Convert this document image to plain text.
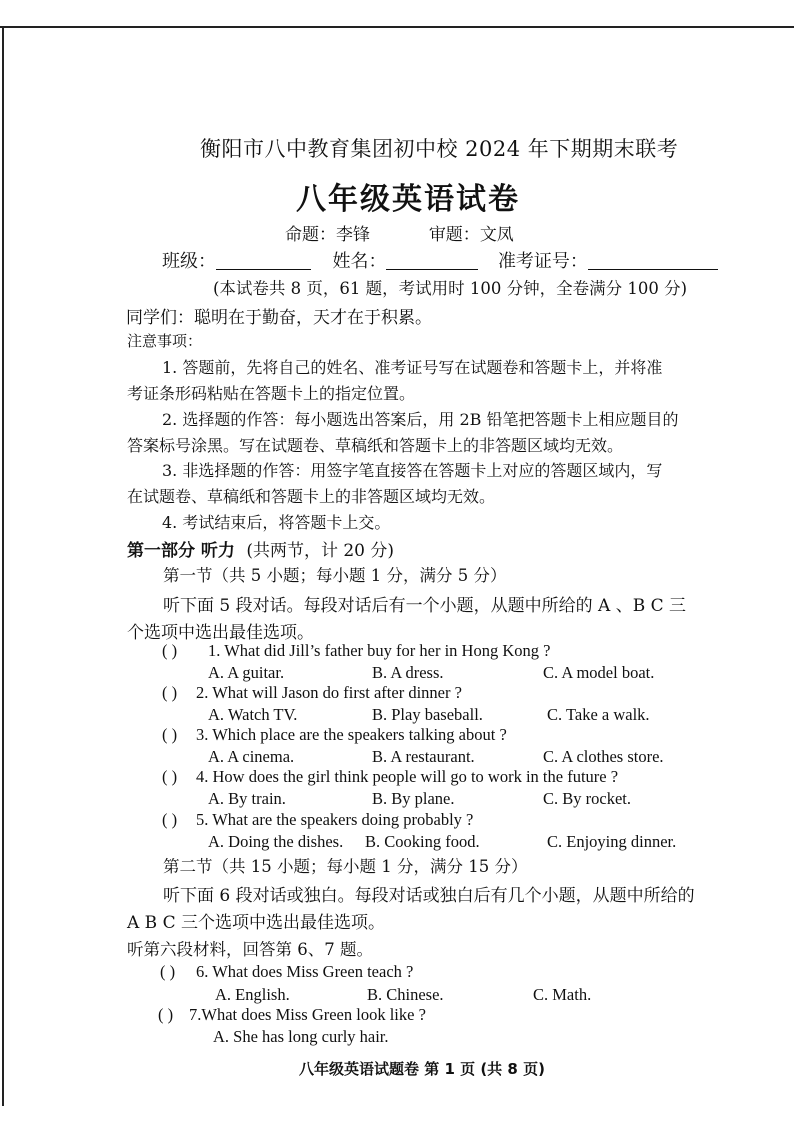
衡阳市八中教育集团初中校 2024 年下期期末联考
八年级英语试卷
命题：李锋	审题：文凤
班级：	姓名：	准考证号：
(本试卷共 8 页，61 题，考试用时 100 分钟，全卷满分 100 分)
同学们：聪明在于勤奋，天才在于积累。
注意事项：
1. 答题前，先将自己的姓名、准考证号写在试题卷和答题卡上，并将准
考证条形码粘贴在答题卡上的指定位置。
2. 选择题的作答：每小题选出答案后，用 2B 铅笔把答题卡上相应题目的
答案标号涂黑。写在试题卷、草稿纸和答题卡上的非答题区域均无效。
3. 非选择题的作答：用签字笔直接答在答题卡上对应的答题区域内，写
在试题卷、草稿纸和答题卡上的非答题区域均无效。
4. 考试结束后，将答题卡上交。
第一部分 听力 (共两节，计 20 分)
第一节（共 5 小题；每小题 1 分，满分 5 分）
听下面 5 段对话。每段对话后有一个小题，从题中所给的 A 、B C 三
个选项中选出最佳选项。
( ) 1. What did Jill’s father buy for her in Hong Kong ?
A. A guitar.	B. A dress.	C. A model boat.
( ) 2. What will Jason do first after dinner ?
A. Watch TV.	B. Play baseball.	C. Take a walk.
( ) 3. Which place are the speakers talking about ?
A. A cinema.	B. A restaurant.	C. A clothes store.
( ) 4. How does the girl think people will go to work in the future ?
A. By train.	B. By plane.	C. By rocket.
( ) 5. What are the speakers doing probably ?
A. Doing the dishes. B. Cooking food.	C. Enjoying dinner.
第二节（共 15 小题；每小题 1 分，满分 15 分）
听下面 6 段对话或独白。每段对话或独白后有几个小题，从题中所给的
A B C 三个选项中选出最佳选项。
听第六段材料，回答第 6、7 题。
( ) 6. What does Miss Green teach ?
A. English.	B. Chinese.	C. Math.
( ) 7.What does Miss Green look like ?
A. She has long curly hair.
八年级英语试题卷 第 1 页 (共 8 页)
